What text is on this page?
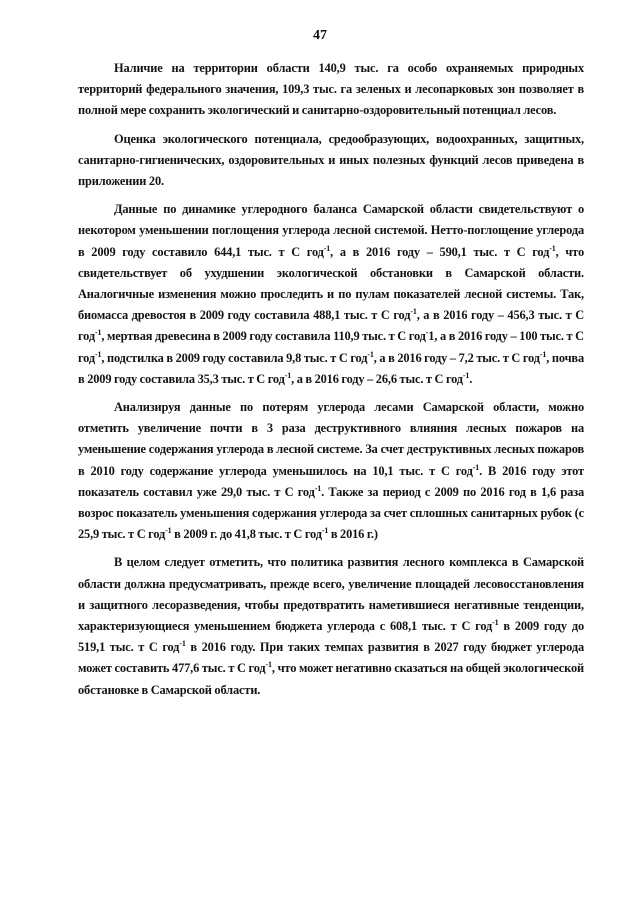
47

Наличие на территории области 140,9 тыс. га особо охраняемых природных территорий федерального значения, 109,3 тыс. га зеленых и лесопарковых зон позволяет в полной мере сохранить экологический и санитарно-оздоровительный потенциал лесов.

Оценка экологического потенциала, средообразующих, водоохранных, защитных, санитарно-гигиенических, оздоровительных и иных полезных функций лесов приведена в приложении 20.

Данные по динамике углеродного баланса Самарской области свидетельствуют о некотором уменьшении поглощения углерода лесной системой. Нетто-поглощение углерода в 2009 году составило 644,1 тыс. т С год$^{-1}$, а в 2016 году – 590,1 тыс. т С год$^{-1}$, что свидетельствует об ухудшении экологической обстановки в Самарской области. Аналогичные изменения можно проследить и по пулам показателей лесной системы. Так, биомасса древостоя в 2009 году составила 488,1 тыс. т С год$^{-1}$, а в 2016 году – 456,3 тыс. т С год$^{-1}$, мертвая древесина в 2009 году составила 110,9 тыс. т С год-1, а в 2016 году – 100 тыс. т С год$^{-1}$, подстилка в 2009 году составила 9,8 тыс. т С год$^{-1}$, а в 2016 году – 7,2 тыс. т С год$^{-1}$, почва в 2009 году составила 35,3 тыс. т С год$^{-1}$, а в 2016 году – 26,6 тыс. т С год$^{-1}$.

Анализируя данные по потерям углерода лесами Самарской области, можно отметить увеличение почти в 3 раза деструктивного влияния лесных пожаров на уменьшение содержания углерода в лесной системе. За счет деструктивных лесных пожаров в 2010 году содержание углерода уменьшилось на 10,1 тыс. т С год$^{-1}$. В 2016 году этот показатель составил уже 29,0 тыс. т С год$^{-1}$. Также за период с 2009 по 2016 год в 1,6 раза возрос показатель уменьшения содержания углерода за счет сплошных санитарных рубок (с 25,9 тыс. т С год$^{-1}$ в 2009 г. до 41,8 тыс. т С год$^{-1}$ в 2016 г.)

В целом следует отметить, что политика развития лесного комплекса в Самарской области должна предусматривать, прежде всего, увеличение площадей лесовосстановления и защитного лесоразведения, чтобы предотвратить наметившиеся негативные тенденции, характеризующиеся уменьшением бюджета углерода с 608,1 тыс. т С год$^{-1}$ в 2009 году до 519,1 тыс. т С год$^{-1}$ в 2016 году. При таких темпах развития в 2027 году бюджет углерода может составить 477,6 тыс. т С год$^{-1}$, что может негативно сказаться на общей экологической обстановке в Самарской области.
